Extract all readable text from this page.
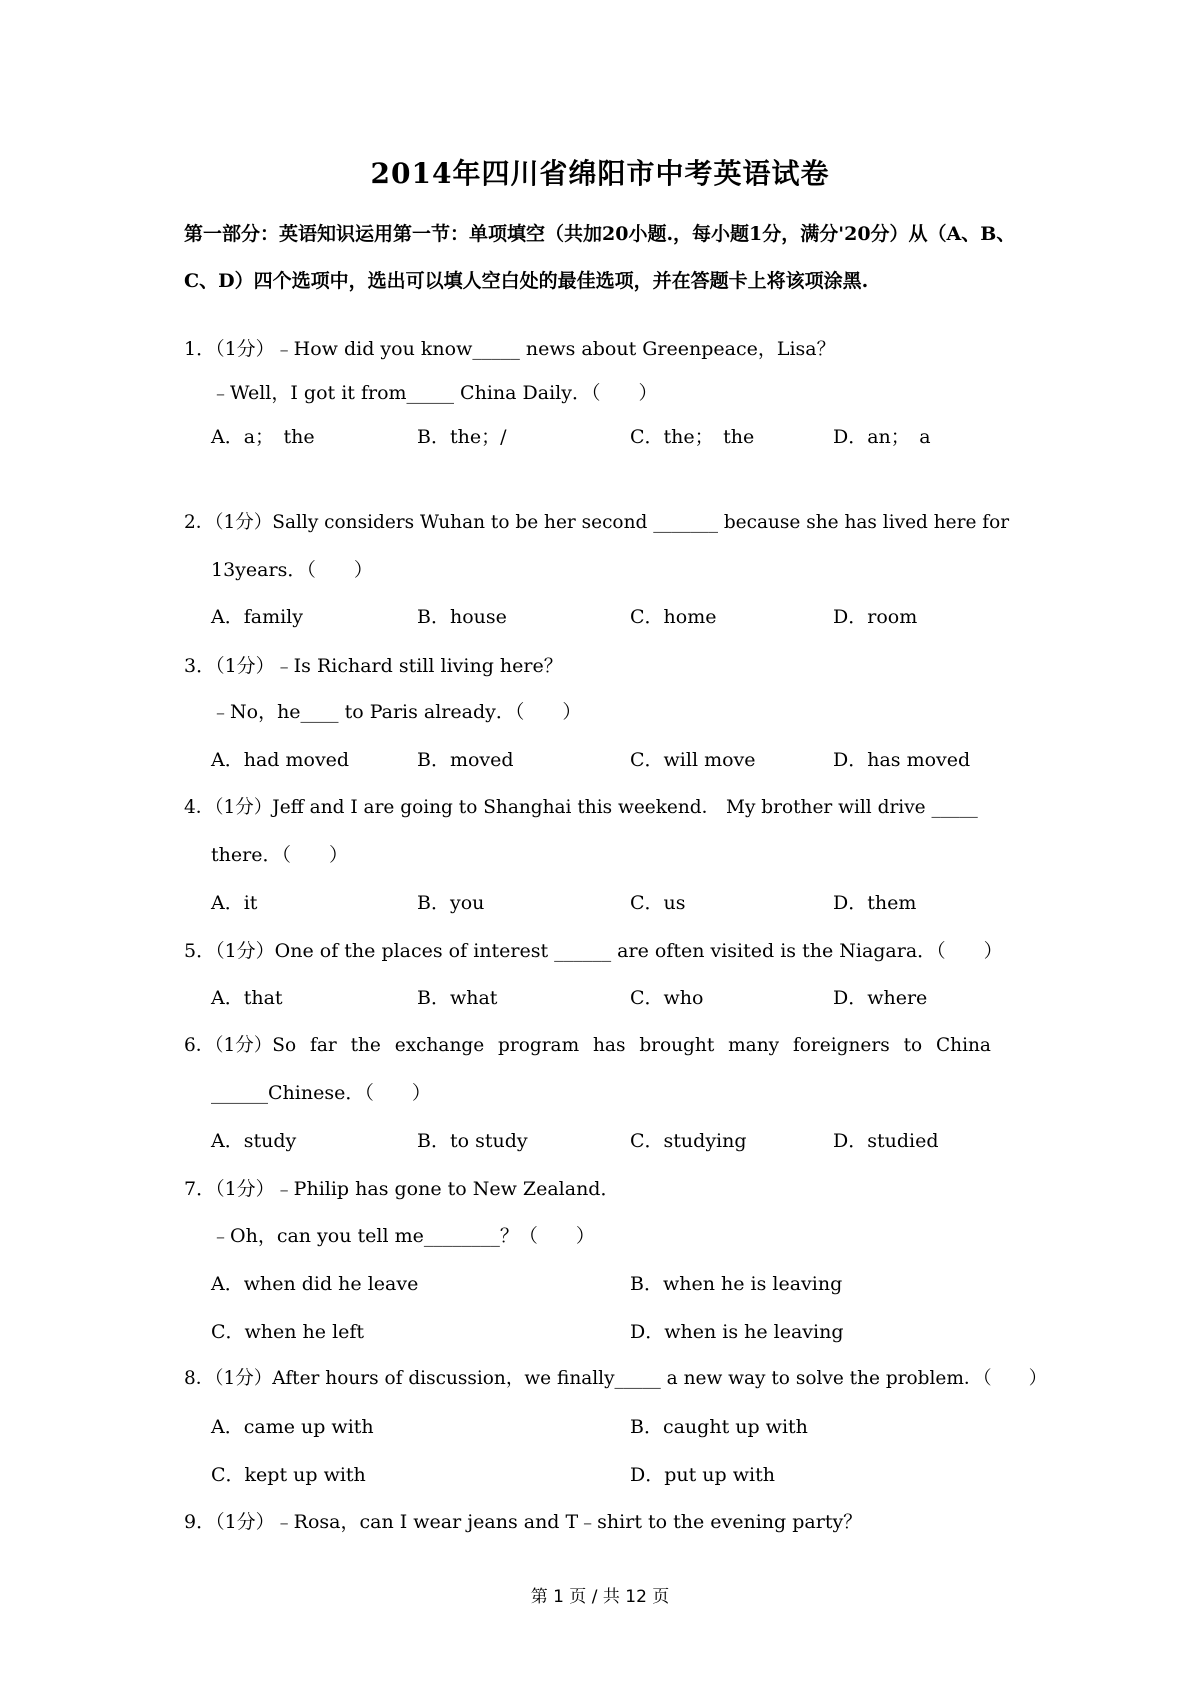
2014年四川省绵阳市中考英语试卷
第一部分：英语知识运用第一节：单项填空（共加20小题.，每小题1分，满分'20分）从（A、B、C、D）四个选项中，选出可以填人空白处的最佳选项，并在答题卡上将该项涂黑.
1．（1分）﹣How did you know_____ news about Greenpeace，Lisa？
﹣Well，I got it from_____ China Daily．（　　）
A．a；　the	B．the；/	C．the；　the	D．an；　a
2．（1分）Sally considers Wuhan to be her second _______ because she has lived here for
13years．（　　）
A．family	B．house	C．home	D．room
3．（1分）﹣Is Richard still living here？
﹣No，he____ to Paris already．（　　）
A．had moved	B．moved	C．will move	D．has moved
4．（1分）Jeff and I are going to Shanghai this weekend． My brother will drive _____
there．（　　）
A．it	B．you	C．us	D．them
5．（1分）One of the places of interest ______ are often visited is the Niagara．（　　）
A．that	B．what	C．who	D．where
6．（1分）So far the exchange program has brought many foreigners to China
______Chinese．（　　）
A．study	B．to study	C．studying	D．studied
7．（1分）﹣Philip has gone to New Zealand．
﹣Oh，can you tell me________？（　　）
A．when did he leave	B．when he is leaving
C．when he left	D．when is he leaving
8．（1分）After hours of discussion，we finally_____ a new way to solve the problem．（　　）
A．came up with	B．caught up with
C．kept up with	D．put up with
9．（1分）﹣Rosa，can I wear jeans and T﹣shirt to the evening party？
第 1 页 / 共 12 页
